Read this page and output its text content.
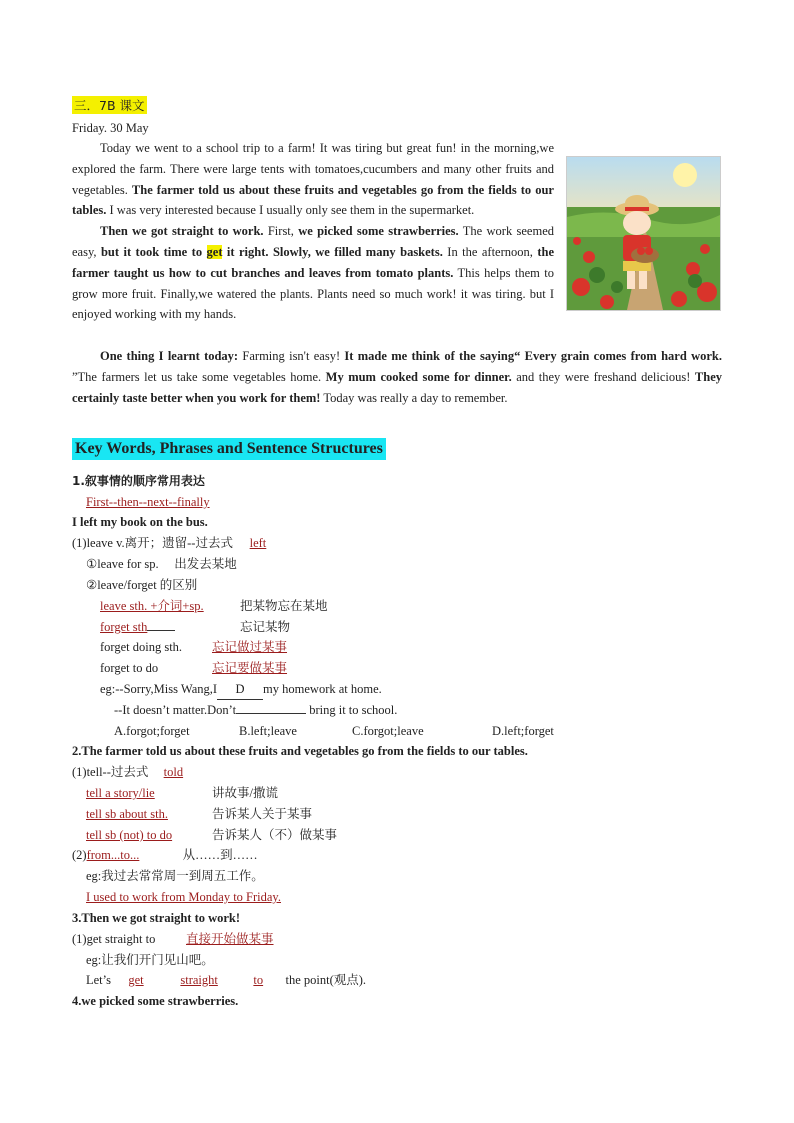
三．7B 课文
Friday. 30 May

Today we went to a school trip to a farm! It was tiring but great fun! in the morning,we explored the farm. There were large tents with tomatoes,cucumbers and many other fruits and vegetables. The farmer told us about these fruits and vegetables go from the fields to our tables. I was very interested because I usually only see them in the supermarket.

Then we got straight to work. First, we picked some strawberries. The work seemed easy, but it took time to get it right. Slowly, we filled many baskets. In the afternoon, the farmer taught us how to cut branches and leaves from tomato plants. This helps them to grow more fruit. Finally,we watered the plants. Plants need so much work! it was tiring. but I enjoyed working with my hands.

One thing I learnt today: Farming isn't easy! It made me think of the saying“ Every grain comes from hard work. ”The farmers let us take some vegetables home. My mum cooked some for dinner. and they were freshand delicious! They certainly taste better when you work for them! Today was really a day to remember.

Key Words, Phrases and Sentence Structures
1.叙事情的顺序常用表达
First--then--next--finally
I left my book on the bus.
(1)leave v.离开；遗留--过去式 left
①leave for sp. 出发去某地
②leave/forget 的区别
leave sth. +介词+sp.	把某物忘在某地
forget sth	忘记某物
forget doing sth. 忘记做过某事
forget to do	忘记要做某事
eg:--Sorry,Miss Wang,I D my homework at home.
--It doesn’t matter.Don’t	bring it to school.
A.forgot;forget	B.left;leave	C.forgot;leave	D.left;forget
2.The farmer told us about these fruits and vegetables go from the fields to our tables.
(1)tell--过去式 told
tell a story/lie	讲故事/撒谎
tell sb about sth.	告诉某人关于某事
tell sb (not) to do	告诉某人（不）做某事
(2)from...to...	从……到……
eg:我过去常常周一到周五工作。
I used to work from Monday to Friday.
3.Then we got straight to work!
(1)get straight to 直接开始做某事
eg:让我们开门见山吧。
Let’s get	straight	to the point(观点).
4.we picked some strawberries.
